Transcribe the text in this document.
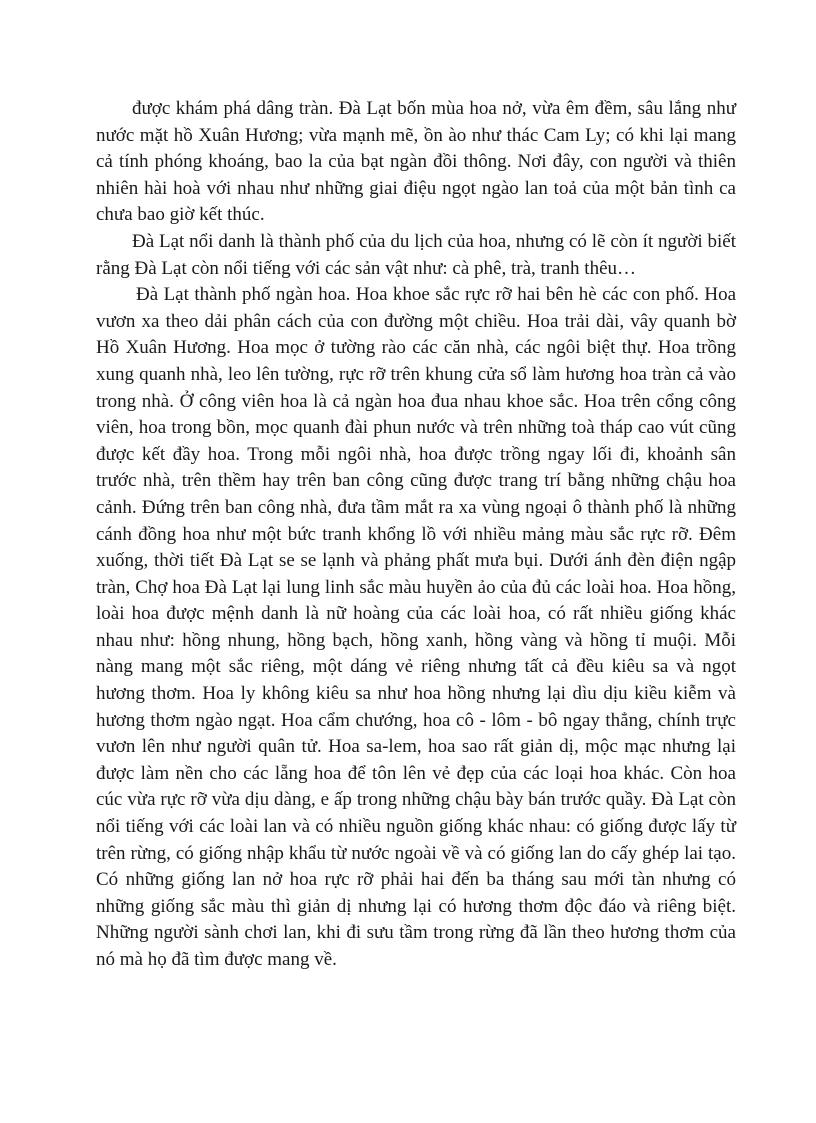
được khám phá dâng tràn. Đà Lạt bốn mùa hoa nở, vừa êm đềm, sâu lắng như nước mặt hồ Xuân Hương; vừa mạnh mẽ, ồn ào như thác Cam Ly; có khi lại mang cả tính phóng khoáng, bao la của bạt ngàn đồi thông. Nơi đây, con người và thiên nhiên hài hoà với nhau như những giai điệu ngọt ngào lan toả của một bản tình ca chưa bao giờ kết thúc.

Đà Lạt nổi danh là thành phố của du lịch của hoa, nhưng có lẽ còn ít người biết rằng Đà Lạt còn nổi tiếng với các sản vật như: cà phê, trà, tranh thêu…

Đà Lạt thành phố ngàn hoa. Hoa khoe sắc rực rỡ hai bên hè các con phố. Hoa vươn xa theo dải phân cách của con đường một chiều. Hoa trải dài, vây quanh bờ Hồ Xuân Hương. Hoa mọc ở tường rào các căn nhà, các ngôi biệt thự. Hoa trồng xung quanh nhà, leo lên tường, rực rỡ trên khung cửa sổ làm hương hoa tràn cả vào trong nhà. Ở công viên hoa là cả ngàn hoa đua nhau khoe sắc. Hoa trên cổng công viên, hoa trong bồn, mọc quanh đài phun nước và trên những toà tháp cao vút cũng được kết đầy hoa. Trong mỗi ngôi nhà, hoa được trồng ngay lối đi, khoảnh sân trước nhà, trên thềm hay trên ban công cũng được trang trí bằng những chậu hoa cảnh. Đứng trên ban công nhà, đưa tầm mắt ra xa vùng ngoại ô thành phố là những cánh đồng hoa như một bức tranh khổng lồ với nhiều mảng màu sắc rực rỡ. Đêm xuống, thời tiết Đà Lạt se se lạnh và phảng phất mưa bụi. Dưới ánh đèn điện ngập tràn, Chợ hoa Đà Lạt lại lung linh sắc màu huyền ảo của đủ các loài hoa. Hoa hồng, loài hoa được mệnh danh là nữ hoàng của các loài hoa, có rất nhiều giống khác nhau như: hồng nhung, hồng bạch, hồng xanh, hồng vàng và hồng tỉ muội. Mỗi nàng mang một sắc riêng, một dáng vẻ riêng nhưng tất cả đều kiêu sa và ngọt hương thơm. Hoa ly không kiêu sa như hoa hồng nhưng lại dìu dịu kiều kiễm và hương thơm ngào ngạt. Hoa cẩm chướng, hoa cô - lôm - bô ngay thẳng, chính trực vươn lên như người quân tử. Hoa sa-lem, hoa sao rất giản dị, mộc mạc nhưng lại được làm nền cho các lẵng hoa để tôn lên vẻ đẹp của các loại hoa khác. Còn hoa cúc vừa rực rỡ vừa dịu dàng, e ấp trong những chậu bày bán trước quầy. Đà Lạt còn nổi tiếng với các loài lan và có nhiều nguồn giống khác nhau: có giống được lấy từ trên rừng, có giống nhập khẩu từ nước ngoài về và có giống lan do cấy ghép lai tạo. Có những giống lan nở hoa rực rỡ phải hai đến ba tháng sau mới tàn nhưng có những giống sắc màu thì giản dị nhưng lại có hương thơm độc đáo và riêng biệt. Những người sành chơi lan, khi đi sưu tầm trong rừng đã lần theo hương thơm của nó mà họ đã tìm được mang về.
